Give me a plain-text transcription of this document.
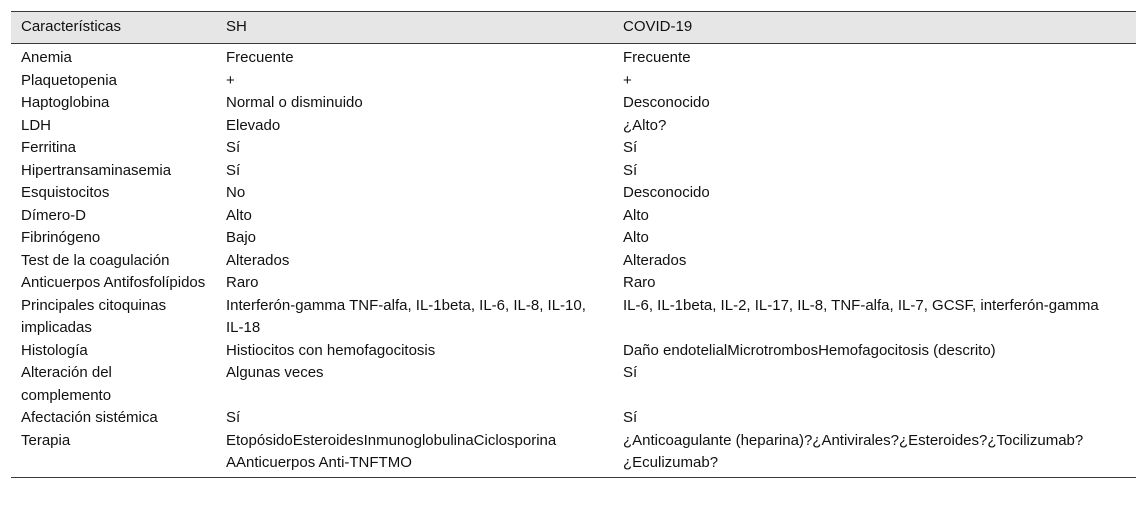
Características	SH	COVID-19
Anemia	Frecuente	Frecuente
Plaquetopenia	+	+
Haptoglobina	Normal o disminuido	Desconocido
LDH	Elevado	¿Alto?
Ferritina	Sí	Sí
Hipertransaminasemia	Sí	Sí
Esquistocitos	No	Desconocido
Dímero-D	Alto	Alto
Fibrinógeno	Bajo	Alto
Test de la coagulación	Alterados	Alterados
Anticuerpos Antifosfolípidos	Raro	Raro
Principales citoquinas implicadas	Interferón-gamma TNF-alfa, IL-1beta, IL-6, IL-8, IL-10, IL-18	IL-6, IL-1beta, IL-2, IL-17, IL-8, TNF-alfa, IL-7, GCSF, interferón-gamma
Histología	Histiocitos con hemofagocitosis	Daño endotelialMicrotrombosHemofagocitosis (descrito)
Alteración del complemento	Algunas veces	Sí
Afectación sistémica	Sí	Sí
Terapia	EtopósidoEsteroidesInmunoglobulinaCiclosporina AAnticuerpos Anti-TNFTMO	¿Anticoagulante (heparina)?¿Antivirales?¿Esteroides?¿Tocilizumab?¿Eculizumab?
